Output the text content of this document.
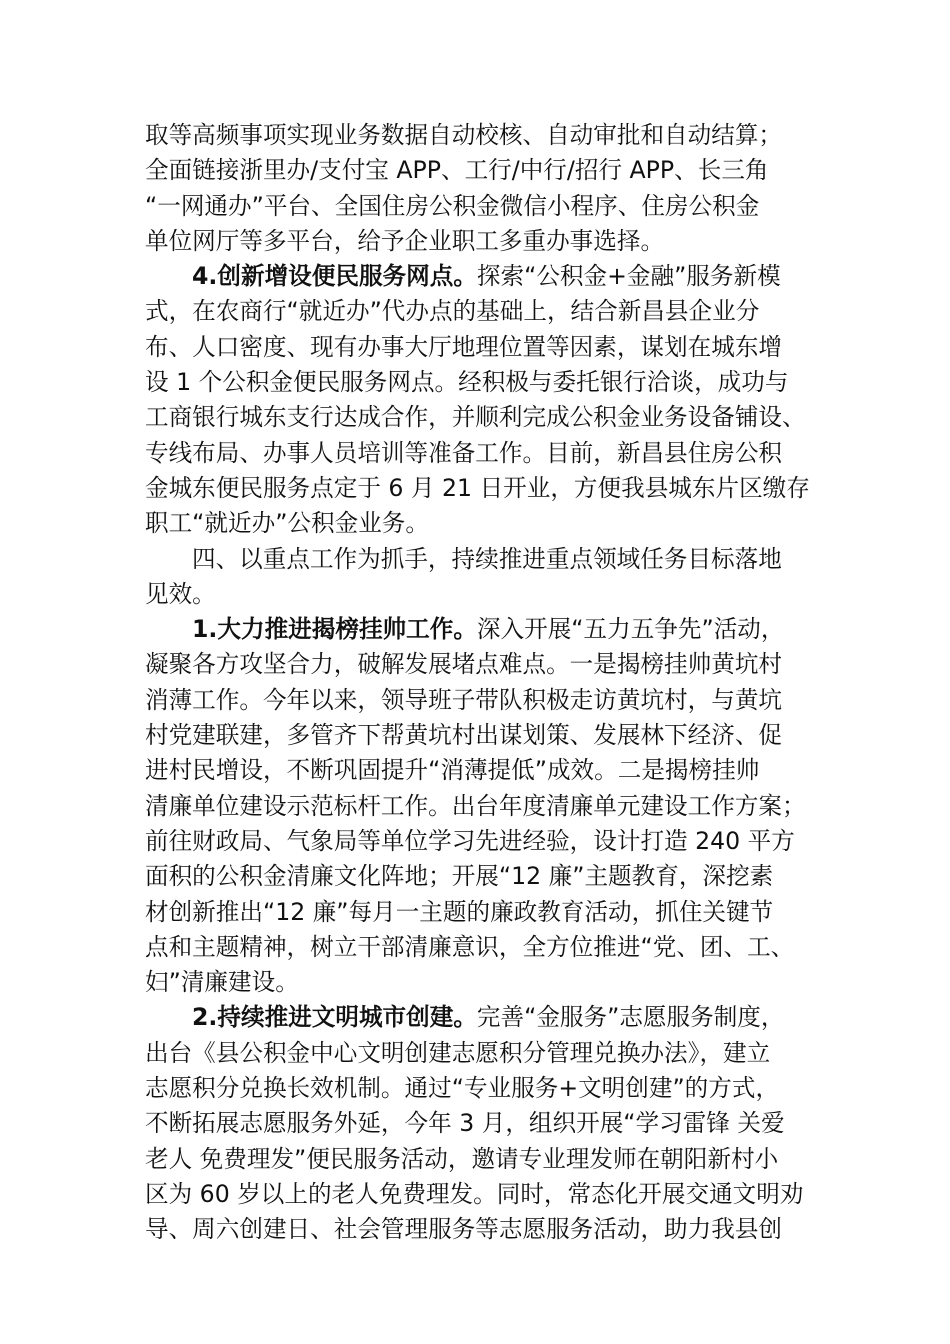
取等高频事项实现业务数据自动校核、自动审批和自动结算；
全面链接浙里办/支付宝 APP、工行/中行/招行 APP、长三角
“一网通办”平台、全国住房公积金微信小程序、住房公积金
单位网厅等多平台，给予企业职工多重办事选择。
4.创新增设便民服务网点。探索“公积金+金融”服务新模
式，在农商行“就近办”代办点的基础上，结合新昌县企业分
布、人口密度、现有办事大厅地理位置等因素，谋划在城东增
设 1 个公积金便民服务网点。经积极与委托银行洽谈，成功与
工商银行城东支行达成合作，并顺利完成公积金业务设备铺设、
专线布局、办事人员培训等准备工作。目前，新昌县住房公积
金城东便民服务点定于 6 月 21 日开业，方便我县城东片区缴存
职工“就近办”公积金业务。
四、以重点工作为抓手，持续推进重点领域任务目标落地
见效。
1.大力推进揭榜挂帅工作。深入开展“五力五争先”活动，
凝聚各方攻坚合力，破解发展堵点难点。一是揭榜挂帅黄坑村
消薄工作。今年以来，领导班子带队积极走访黄坑村，与黄坑
村党建联建，多管齐下帮黄坑村出谋划策、发展林下经济、促
进村民增设，不断巩固提升“消薄提低”成效。二是揭榜挂帅
清廉单位建设示范标杆工作。出台年度清廉单元建设工作方案；
前往财政局、气象局等单位学习先进经验，设计打造 240 平方
面积的公积金清廉文化阵地；开展“12 廉”主题教育，深挖素
材创新推出“12 廉”每月一主题的廉政教育活动，抓住关键节
点和主题精神，树立干部清廉意识，全方位推进“党、团、工、
妇”清廉建设。
2.持续推进文明城市创建。完善“金服务”志愿服务制度，
出台《县公积金中心文明创建志愿积分管理兑换办法》，建立
志愿积分兑换长效机制。通过“专业服务+文明创建”的方式，
不断拓展志愿服务外延，今年 3 月，组织开展“学习雷锋 关爱
老人 免费理发”便民服务活动，邀请专业理发师在朝阳新村小
区为 60 岁以上的老人免费理发。同时，常态化开展交通文明劝
导、周六创建日、社会管理服务等志愿服务活动，助力我县创
